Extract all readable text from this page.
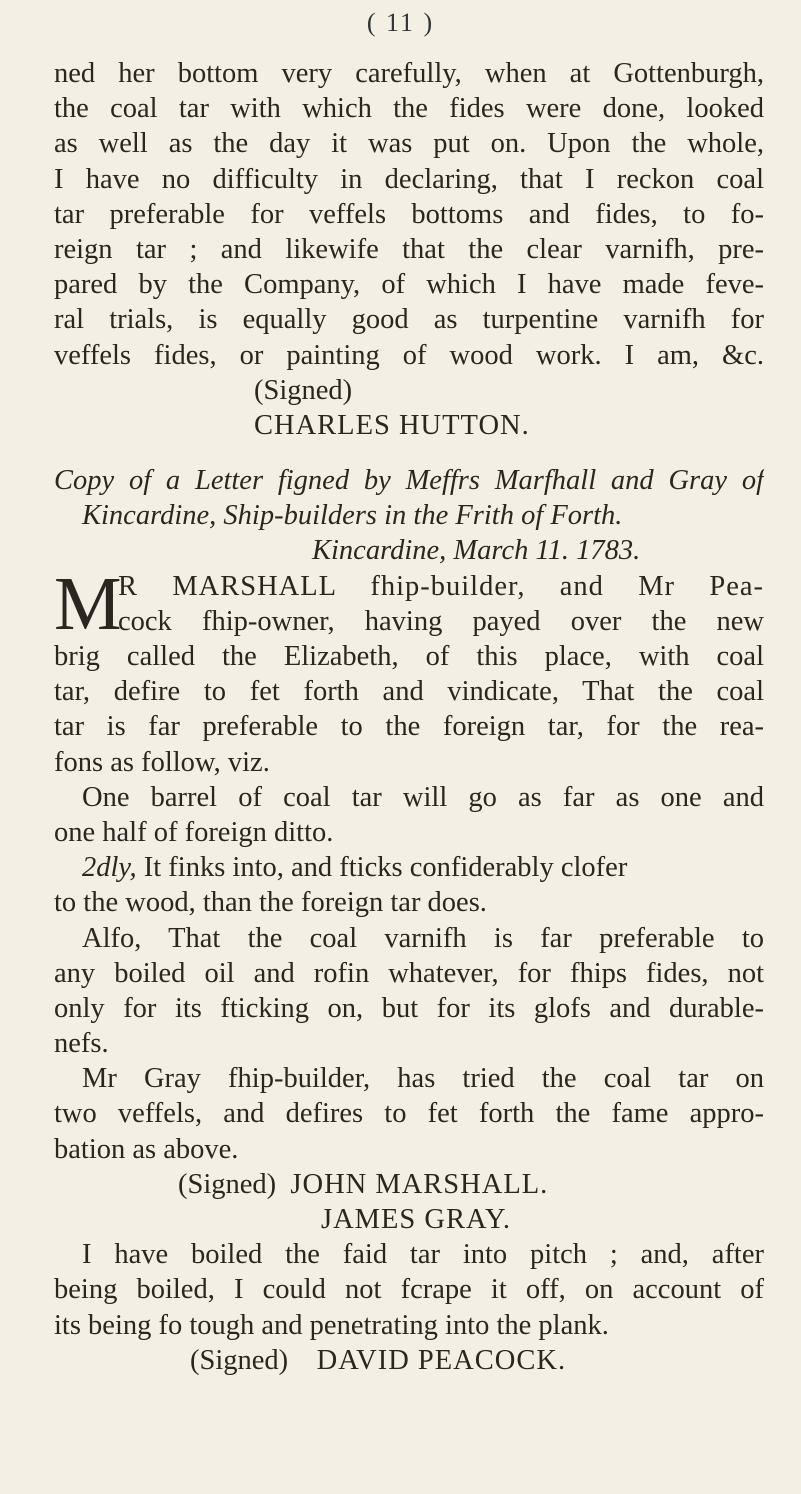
( 11 )
ned her bottom very carefully, when at Gottenburgh,
the coal tar with which the fides were done, looked
as well as the day it was put on. Upon the whole,
I have no difficulty in declaring, that I reckon coal
tar preferable for veffels bottoms and fides, to fo-
reign tar ; and likewife that the clear varnifh, pre-
pared by the Company, of which I have made feve-
ral trials, is equally good as turpentine varnifh for
veffels fides, or painting of wood work. I am, &c.
(Signed)
CHARLES HUTTON.
Copy of a Letter figned by Meffrs Marfhall and Gray of
Kincardine, Ship-builders in the Frith of Forth.
Kincardine, March 11. 1783.
M
R MARSHALL fhip-builder, and Mr Pea-
cock fhip-owner, having payed over the new
brig called the Elizabeth, of this place, with coal
tar, defire to fet forth and vindicate, That the coal
tar is far preferable to the foreign tar, for the rea-
fons as follow, viz.
One barrel of coal tar will go as far as one and
one half of foreign ditto.
2dly, It finks into, and fticks confiderably clofer
to the wood, than the foreign tar does.
Alfo, That the coal varnifh is far preferable to
any boiled oil and rofin whatever, for fhips fides, not
only for its fticking on, but for its glofs and durable-
nefs.
Mr Gray fhip-builder, has tried the coal tar on
two veffels, and defires to fet forth the fame appro-
bation as above.
(Signed) JOHN MARSHALL.
JAMES GRAY.
I have boiled the faid tar into pitch ; and, after
being boiled, I could not fcrape it off, on account of
its being fo tough and penetrating into the plank.
(Signed) DAVID PEACOCK.
